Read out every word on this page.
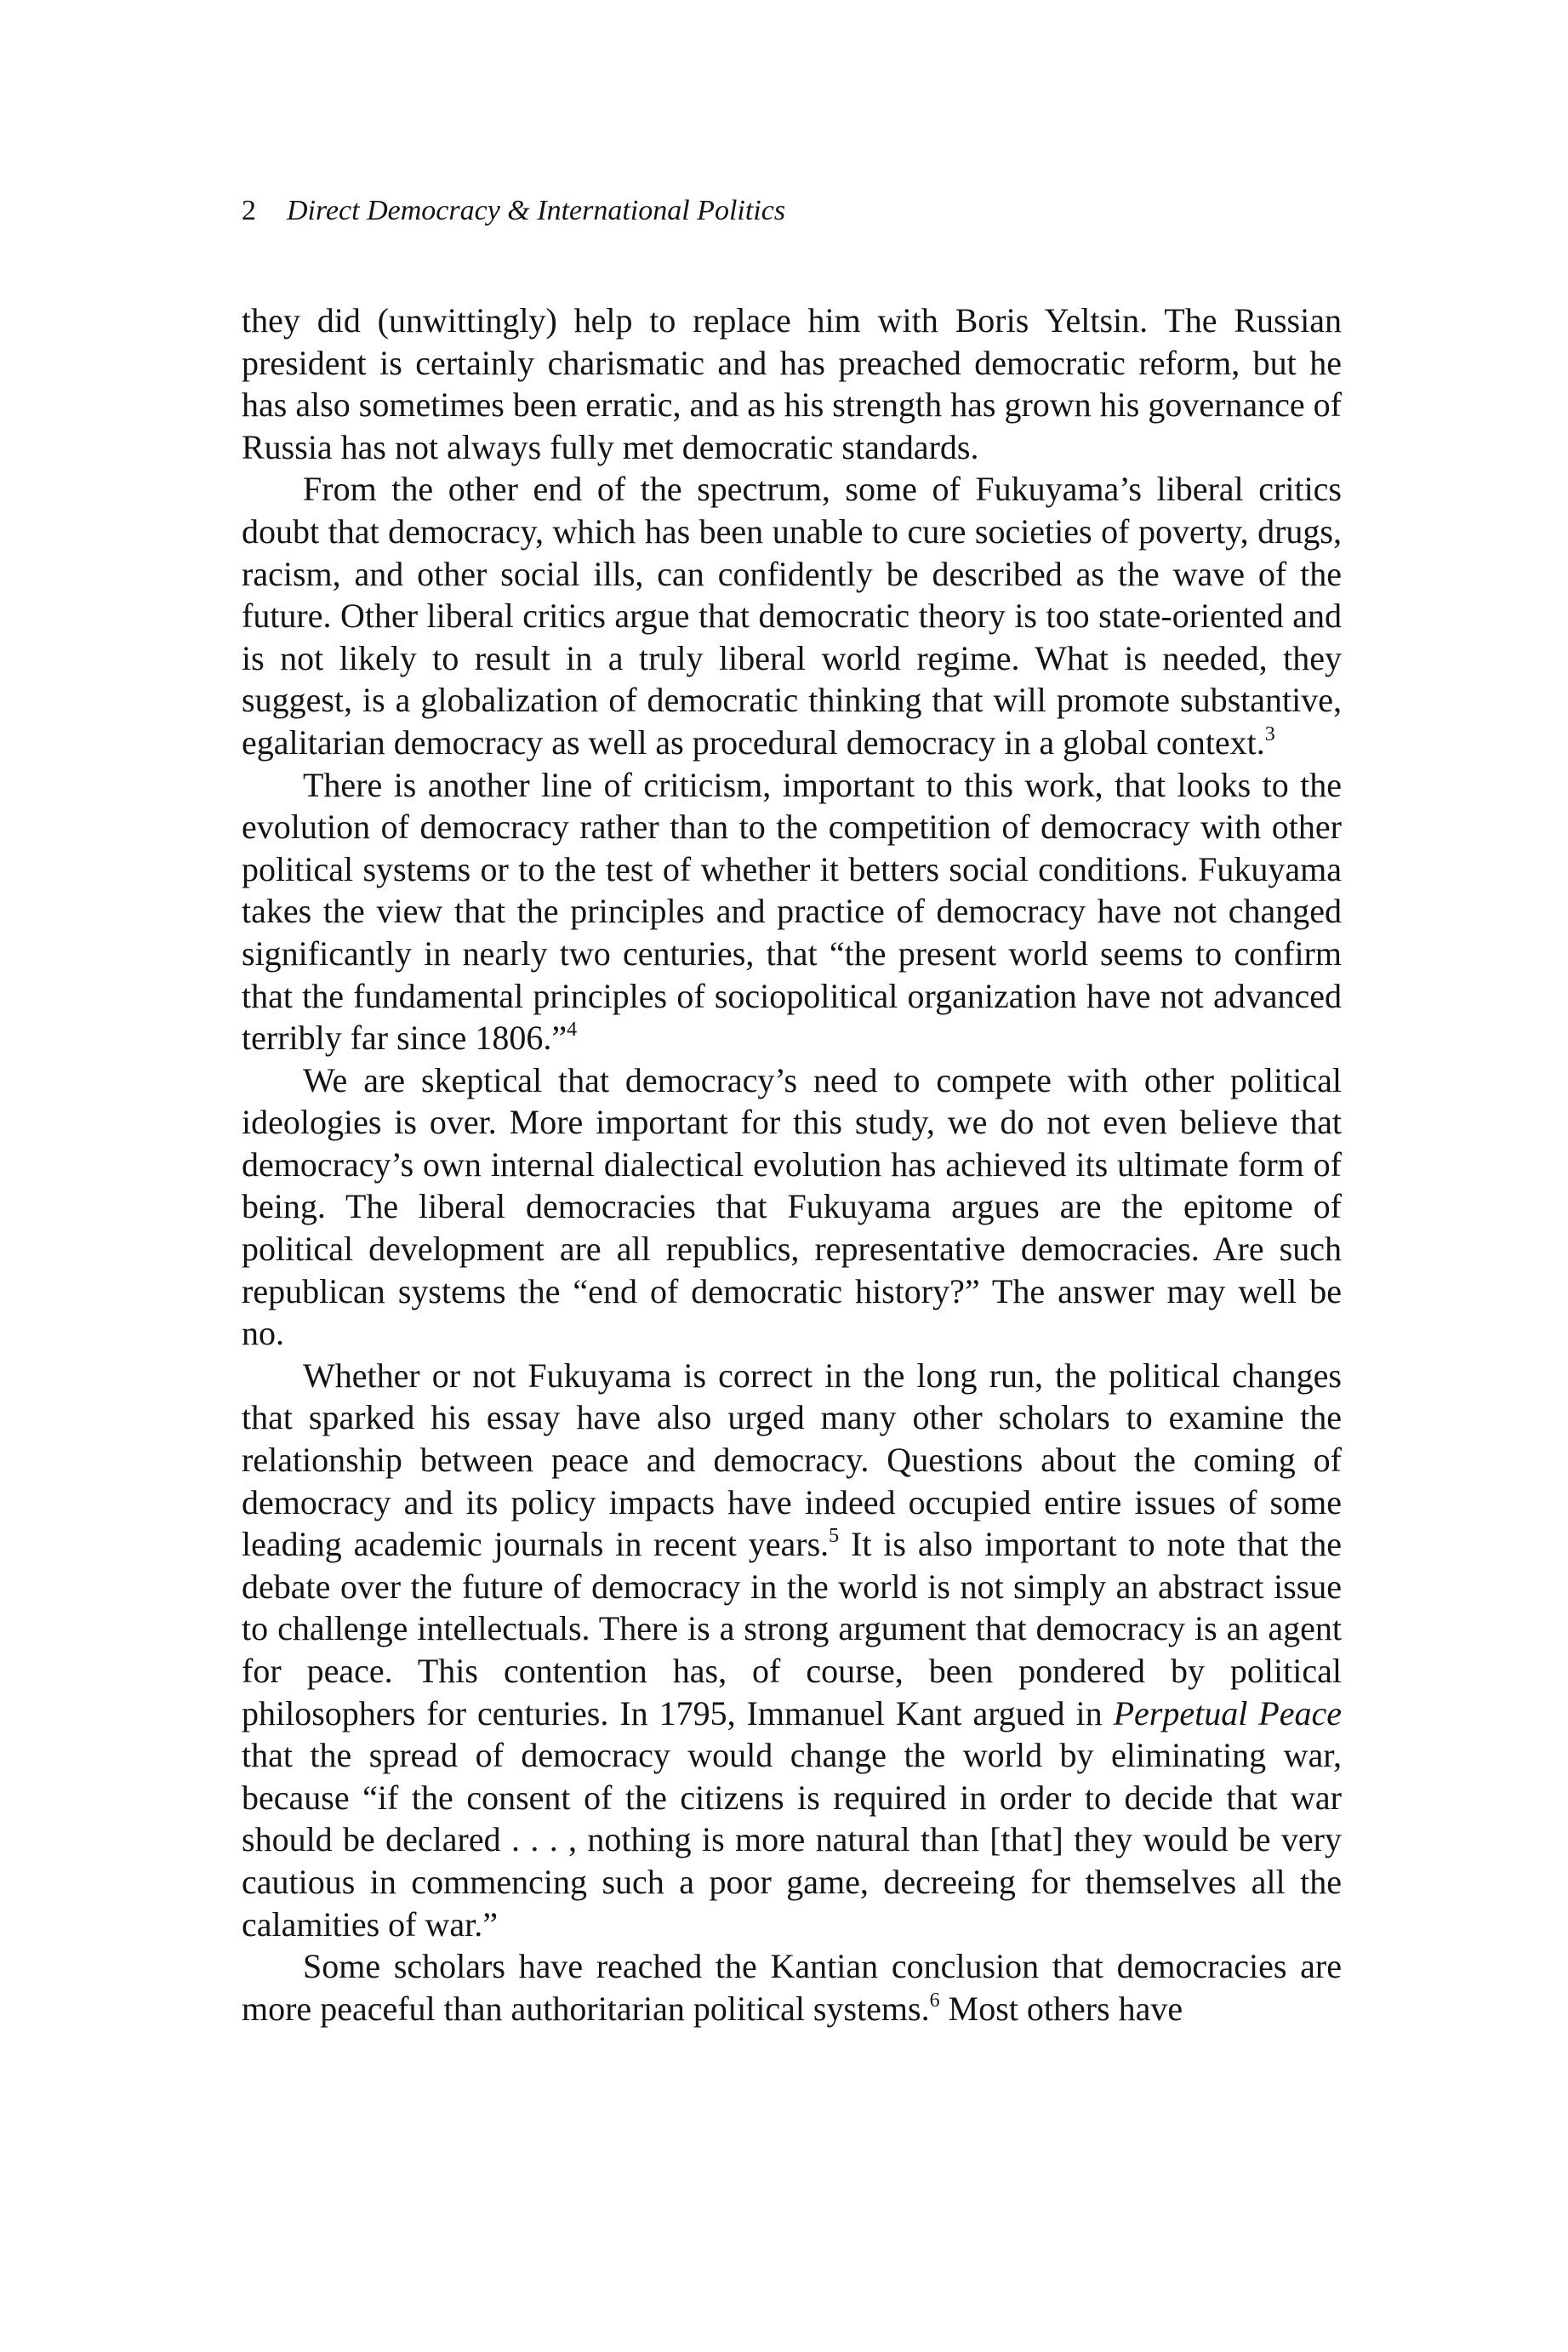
2 Direct Democracy & International Politics

they did (unwittingly) help to replace him with Boris Yeltsin. The Russian president is certainly charismatic and has preached democratic reform, but he has also sometimes been erratic, and as his strength has grown his governance of Russia has not always fully met democratic standards.

From the other end of the spectrum, some of Fukuyama’s liberal critics doubt that democracy, which has been unable to cure societies of poverty, drugs, racism, and other social ills, can confidently be described as the wave of the future. Other liberal critics argue that democratic theory is too state-oriented and is not likely to result in a truly liberal world regime. What is needed, they suggest, is a globalization of democratic thinking that will promote substantive, egalitarian democracy as well as procedural democracy in a global context.$^3$

There is another line of criticism, important to this work, that looks to the evolution of democracy rather than to the competition of democracy with other political systems or to the test of whether it betters social conditions. Fukuyama takes the view that the principles and practice of democracy have not changed significantly in nearly two centuries, that “the present world seems to confirm that the fundamental principles of sociopolitical organization have not advanced terribly far since 1806.”$^4$

We are skeptical that democracy’s need to compete with other political ideologies is over. More important for this study, we do not even believe that democracy’s own internal dialectical evolution has achieved its ultimate form of being. The liberal democracies that Fukuyama argues are the epitome of political development are all republics, representative democracies. Are such republican systems the “end of democratic history?” The answer may well be no.

Whether or not Fukuyama is correct in the long run, the political changes that sparked his essay have also urged many other scholars to examine the relationship between peace and democracy. Questions about the coming of democracy and its policy impacts have indeed occupied entire issues of some leading academic journals in recent years.$^5$ It is also important to note that the debate over the future of democracy in the world is not simply an abstract issue to challenge intellectuals. There is a strong argument that democracy is an agent for peace. This contention has, of course, been pondered by political philosophers for centuries. In 1795, Immanuel Kant argued in Perpetual Peace that the spread of democracy would change the world by eliminating war, because “if the consent of the citizens is required in order to decide that war should be declared . . . , nothing is more natural than [that] they would be very cautious in commencing such a poor game, decreeing for themselves all the calamities of war.”

Some scholars have reached the Kantian conclusion that democracies are more peaceful than authoritarian political systems.$^6$ Most others have
